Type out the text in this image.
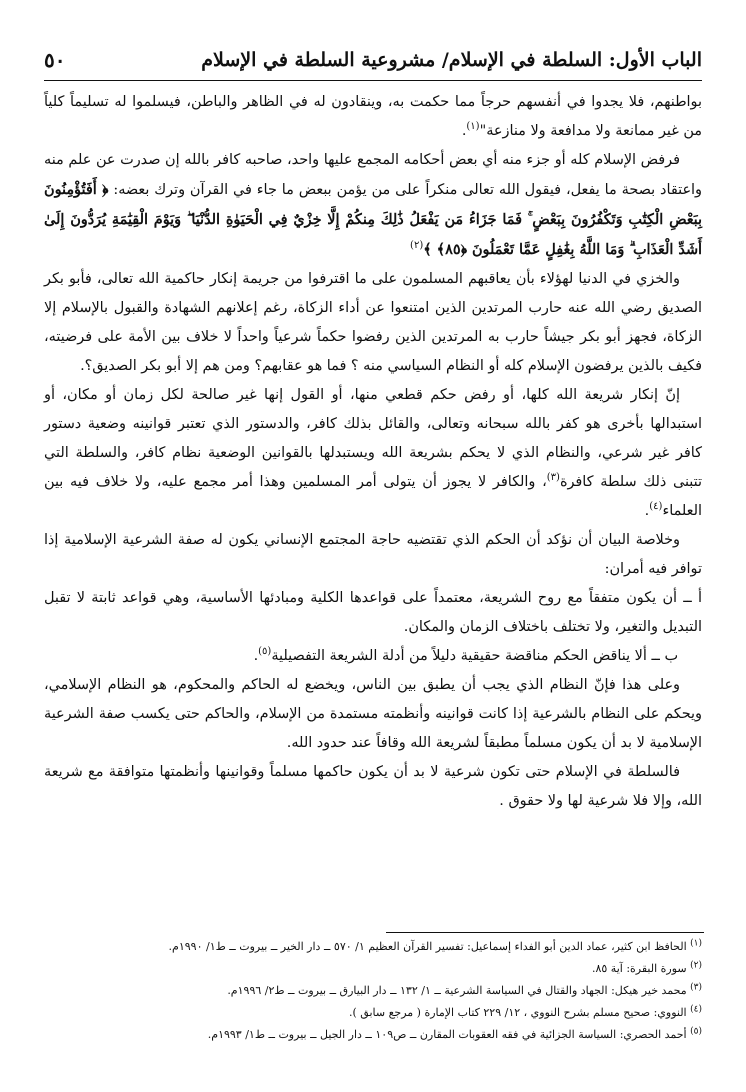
الباب الأول: السلطة في الإسلام/ مشروعية السلطة في الإسلام
٥٠

بواطنهم، فلا يجدوا في أنفسهم حرجاً مما حكمت به، وينقادون له في الظاهر والباطن، فيسلموا له تسليماً كلياً من غير ممانعة ولا مدافعة ولا منازعة"$^{(١)}$.

فرفض الإسلام كله أو جزء منه أي بعض أحكامه المجمع عليها واحد، صاحبه كافر بالله إن صدرت عن علم منه واعتقاد بصحة ما يفعل، فيقول الله تعالى منكراً على من يؤمن ببعض ما جاء في القرآن وترك بعضه: ﴿ أَفَتُؤْمِنُونَ بِبَعْضِ الْكِتَٰبِ وَتَكْفُرُونَ بِبَعْضٍ ۚ فَمَا جَزَاءُ مَن يَفْعَلُ ذَٰلِكَ مِنكُمْ إِلَّا خِزْيٌ فِي الْحَيَوٰةِ الدُّنْيَا ۖ وَيَوْمَ الْقِيَٰمَةِ يُرَدُّونَ إِلَىٰ أَشَدِّ الْعَذَابِ ۗ وَمَا اللَّهُ بِغَٰفِلٍ عَمَّا تَعْمَلُونَ ﴿٨٥﴾ ﴾$^{(٢)}$

والخزي في الدنيا لهؤلاء بأن يعاقبهم المسلمون على ما اقترفوا من جريمة إنكار حاكمية الله تعالى، فأبو بكر الصديق رضي الله عنه حارب المرتدين الذين امتنعوا عن أداء الزكاة، رغم إعلانهم الشهادة والقبول بالإسلام إلا الزكاة، فجهز أبو بكر جيشاً حارب به المرتدين الذين رفضوا حكماً شرعياً واحداً لا خلاف بين الأمة على فرضيته، فكيف بالذين يرفضون الإسلام كله أو النظام السياسي منه ؟ فما هو عقابهم؟ ومن هم إلا أبو بكر الصديق؟.

إنّ إنكار شريعة الله كلها، أو رفض حكم قطعي منها، أو القول إنها غير صالحة لكل زمان أو مكان، أو استبدالها بأخرى هو كفر بالله سبحانه وتعالى، والقائل بذلك كافر، والدستور الذي تعتبر قوانينه وضعية دستور كافر غير شرعي، والنظام الذي لا يحكم بشريعة الله ويستبدلها بالقوانين الوضعية نظام كافر، والسلطة التي تتبنى ذلك سلطة كافرة$^{(٣)}$، والكافر لا يجوز أن يتولى أمر المسلمين وهذا أمر مجمع عليه، ولا خلاف فيه بين العلماء$^{(٤)}$.

وخلاصة البيان أن نؤكد أن الحكم الذي تقتضيه حاجة المجتمع الإنساني يكون له صفة الشرعية الإسلامية إذا توافر فيه أمران:

أ ــ أن يكون متفقاً مع روح الشريعة، معتمداً على قواعدها الكلية ومبادئها الأساسية، وهي قواعد ثابتة لا تقبل التبديل والتغير، ولا تختلف باختلاف الزمان والمكان.

ب ــ ألا يناقض الحكم مناقضة حقيقية دليلاً من أدلة الشريعة التفصيلية$^{(٥)}$.

وعلى هذا فإنّ النظام الذي يجب أن يطبق بين الناس، ويخضع له الحاكم والمحكوم، هو النظام الإسلامي، ويحكم على النظام بالشرعية إذا كانت قوانينه وأنظمته مستمدة من الإسلام، والحاكم حتى يكسب صفة الشرعية الإسلامية لا بد أن يكون مسلماً مطبقاً لشريعة الله وقافاً عند حدود الله.

فالسلطة في الإسلام حتى تكون شرعية لا بد أن يكون حاكمها مسلماً وقوانينها وأنظمتها متوافقة مع شريعة الله، وإلا فلا شرعية لها ولا حقوق .

$^{(١)}$ الحافظ ابن كثير، عماد الدين أبو الفداء إسماعيل: تفسير القرآن العظيم ١/ ٥٧٠ ــ دار الخير ــ بيروت ــ ط١/ ١٩٩٠م.

$^{(٢)}$ سورة البقرة: آية ٨٥.

$^{(٣)}$ محمد خير هيكل: الجهاد والقتال في السياسة الشرعية ــ ١/ ١٣٢ ــ دار البيارق ــ بيروت ــ ط٢/ ١٩٩٦م.

$^{(٤)}$ النووي: صحيح مسلم بشرح النووي ، ١٢/ ٢٢٩ كتاب الإمارة ( مرجع سابق ).

$^{(٥)}$ أحمد الحصري: السياسة الجزائية في فقه العقوبات المقارن ــ ص١٠٩ ــ دار الجيل ــ بيروت ــ ط١/ ١٩٩٣م.
